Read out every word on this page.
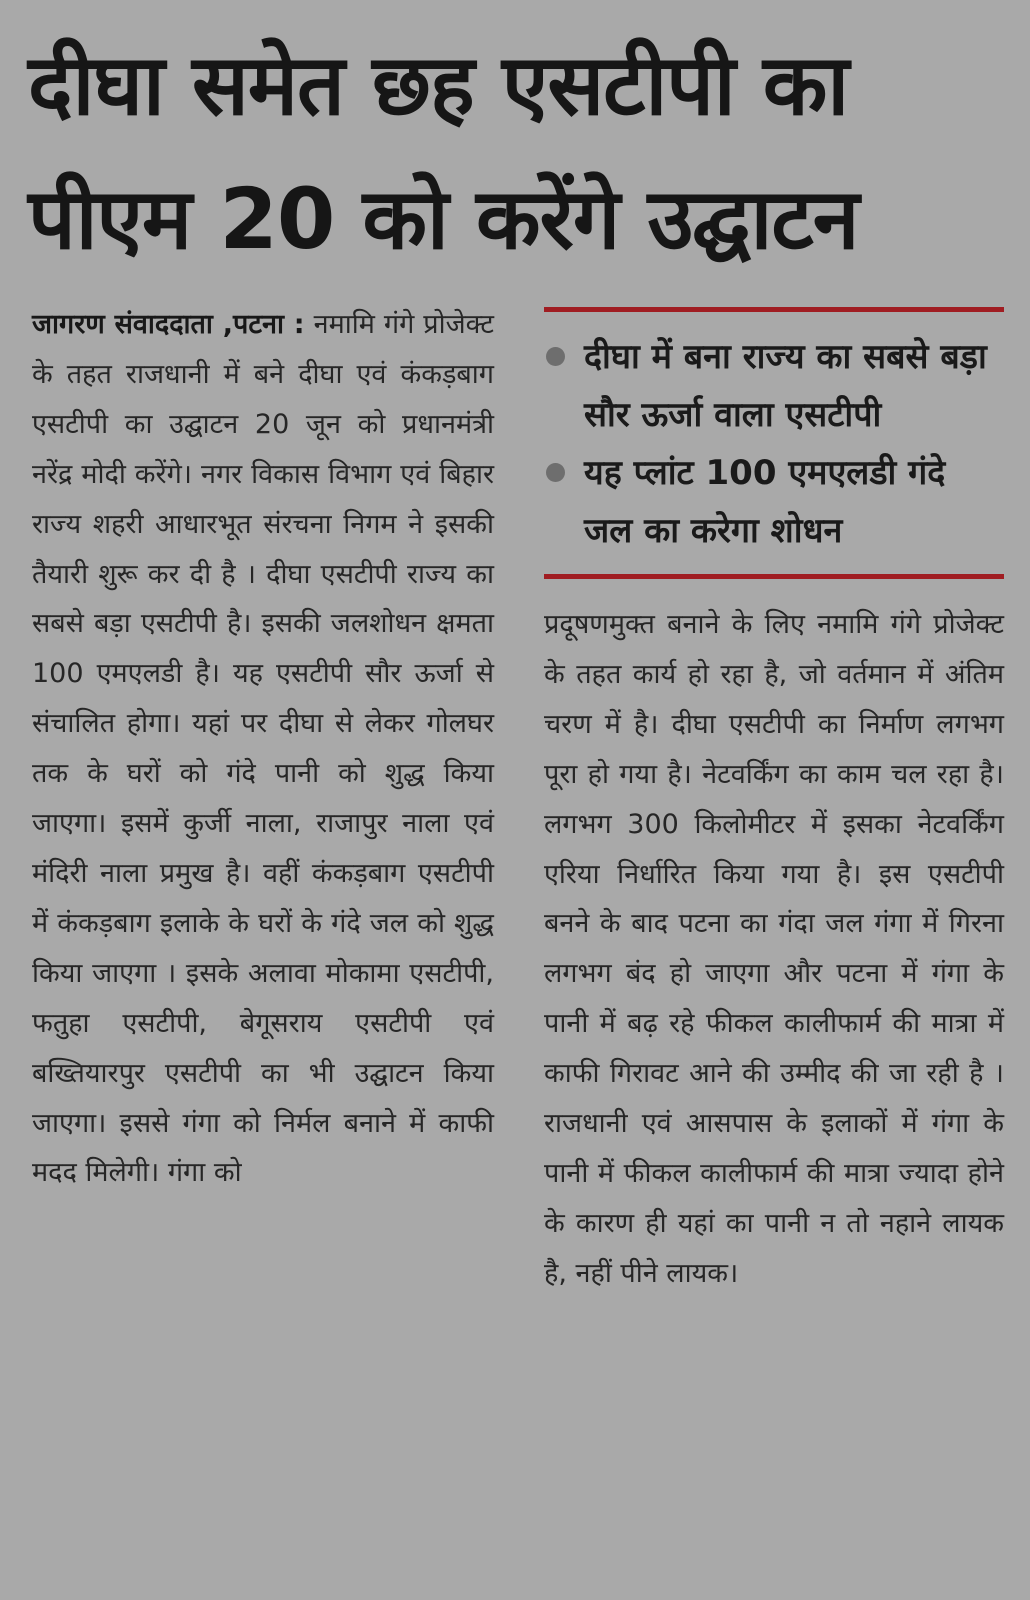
दीघा समेत छह एसटीपी का पीएम 20 को करेंगे उद्घाटन
जागरण संवाददाता ,पटना : नमामि गंगे प्रोजेक्ट के तहत राजधानी में बने दीघा एवं कंकड़बाग एसटीपी का उद्घाटन 20 जून को प्रधानमंत्री नरेंद्र मोदी करेंगे। नगर विकास विभाग एवं बिहार राज्य शहरी आधारभूत संरचना निगम ने इसकी तैयारी शुरू कर दी है । दीघा एसटीपी राज्य का सबसे बड़ा एसटीपी है। इसकी जलशोधन क्षमता 100 एमएलडी है। यह एसटीपी सौर ऊर्जा से संचालित होगा। यहां पर दीघा से लेकर गोलघर तक के घरों को गंदे पानी को शुद्ध किया जाएगा। इसमें कुर्जी नाला, राजापुर नाला एवं मंदिरी नाला प्रमुख है। वहीं कंकड़बाग एसटीपी में कंकड़बाग इलाके के घरों के गंदे जल को शुद्ध किया जाएगा । इसके अलावा मोकामा एसटीपी, फतुहा एसटीपी, बेगूसराय एसटीपी एवं बख्तियारपुर एसटीपी का भी उद्घाटन किया जाएगा। इससे गंगा को निर्मल बनाने में काफी मदद मिलेगी। गंगा को
दीघा में बना राज्य का सबसे बड़ा सौर ऊर्जा वाला एसटीपी
यह प्लांट 100 एमएलडी गंदे जल का करेगा शोधन
प्रदूषणमुक्त बनाने के लिए नमामि गंगे प्रोजेक्ट के तहत कार्य हो रहा है, जो वर्तमान में अंतिम चरण में है। दीघा एसटीपी का निर्माण लगभग पूरा हो गया है। नेटवर्किंग का काम चल रहा है। लगभग 300 किलोमीटर में इसका नेटवर्किंग एरिया निर्धारित किया गया है। इस एसटीपी बनने के बाद पटना का गंदा जल गंगा में गिरना लगभग बंद हो जाएगा और पटना में गंगा के पानी में बढ़ रहे फीकल कालीफार्म की मात्रा में काफी गिरावट आने की उम्मीद की जा रही है । राजधानी एवं आसपास के इलाकों में गंगा के पानी में फीकल कालीफार्म की मात्रा ज्यादा होने के कारण ही यहां का पानी न तो नहाने लायक है, नहीं पीने लायक।
